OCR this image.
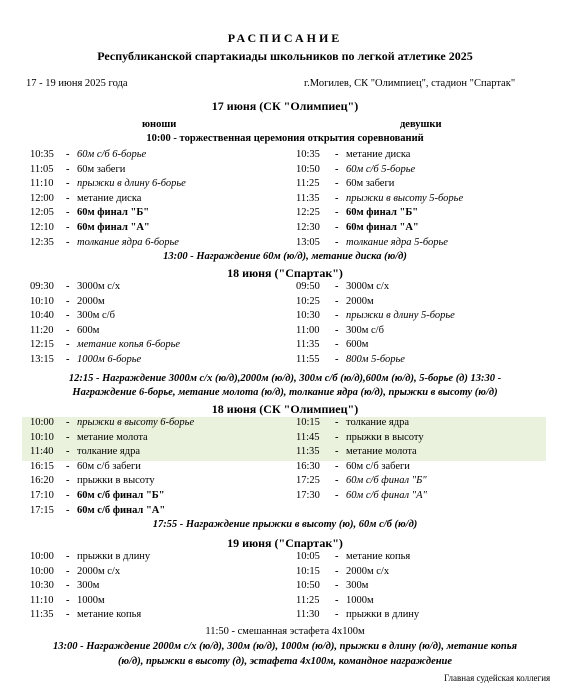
РАСПИСАНИЕ
Республиканской спартакиады школьников по легкой атлетике 2025
17 - 19 июня 2025 года	г.Могилев, СК "Олимпиец", стадион "Спартак"
17 июня (СК "Олимпиец")
юноши	девушки
10:00 - торжественная церемония открытия соревнований
10:35 - 60м с/б 6-борье	10:35 - метание диска
11:05 - 60м забеги	10:50 - 60м с/б 5-борье
11:10 - прыжки в длину 6-борье	11:25 - 60м забеги
12:00 - метание диска	11:35 - прыжки в высоту 5-борье
12:05 - 60м финал "Б"	12:25 - 60м финал "Б"
12:10 - 60м финал "А"	12:30 - 60м финал "А"
12:35 - толкание ядра 6-борье	13:05 - толкание ядра 5-борье
13:00 - Награждение 60м (ю/д), метание диска (ю/д)
18 июня ("Спартак")
09:30 - 3000м с/х	09:50 - 3000м с/х
10:10 - 2000м	10:25 - 2000м
10:40 - 300м с/б	10:30 - прыжки в длину 5-борье
11:20 - 600м	11:00 - 300м с/б
12:15 - метание копья 6-борье	11:35 - 600м
13:15 - 1000м 6-борье	11:55 - 800м 5-борье
12:15 - Награждение 3000м с/х (ю/д),2000м (ю/д), 300м с/б (ю/д),600м (ю/д), 5-борье (д) 13:30 -
Награждение 6-борье, метание молота (ю/д), толкание ядра (ю/д), прыжки в высоту (ю/д)
18 июня (СК "Олимпиец")
10:00 - прыжки в высоту 6-борье	10:15 - толкание ядра
10:10 - метание молота	11:45 - прыжки в высоту
11:40 - толкание ядра	11:35 - метание молота
16:15 - 60м с/б забеги	16:30 - 60м с/б забеги
16:20 - прыжки в высоту	17:25 - 60м с/б финал "Б"
17:10 - 60м с/б финал "Б"	17:30 - 60м с/б финал "А"
17:15 - 60м с/б финал "А"
17:55 - Награждение прыжки в высоту (ю), 60м с/б (ю/д)
19 июня ("Спартак")
10:00 - прыжки в длину	10:05 - метание копья
10:00 - 2000м с/х	10:15 - 2000м с/х
10:30 - 300м	10:50 - 300м
11:10 - 1000м	11:25 - 1000м
11:35 - метание копья	11:30 - прыжки в длину
11:50 - смешанная эстафета 4х100м
13:00 - Награждение 2000м с/х (ю/д), 300м (ю/д), 1000м (ю/д), прыжки в длину (ю/д), метание копья
(ю/д), прыжки в высоту (д), эстафета 4х100м, командное награждение
Главная судейская коллегия
